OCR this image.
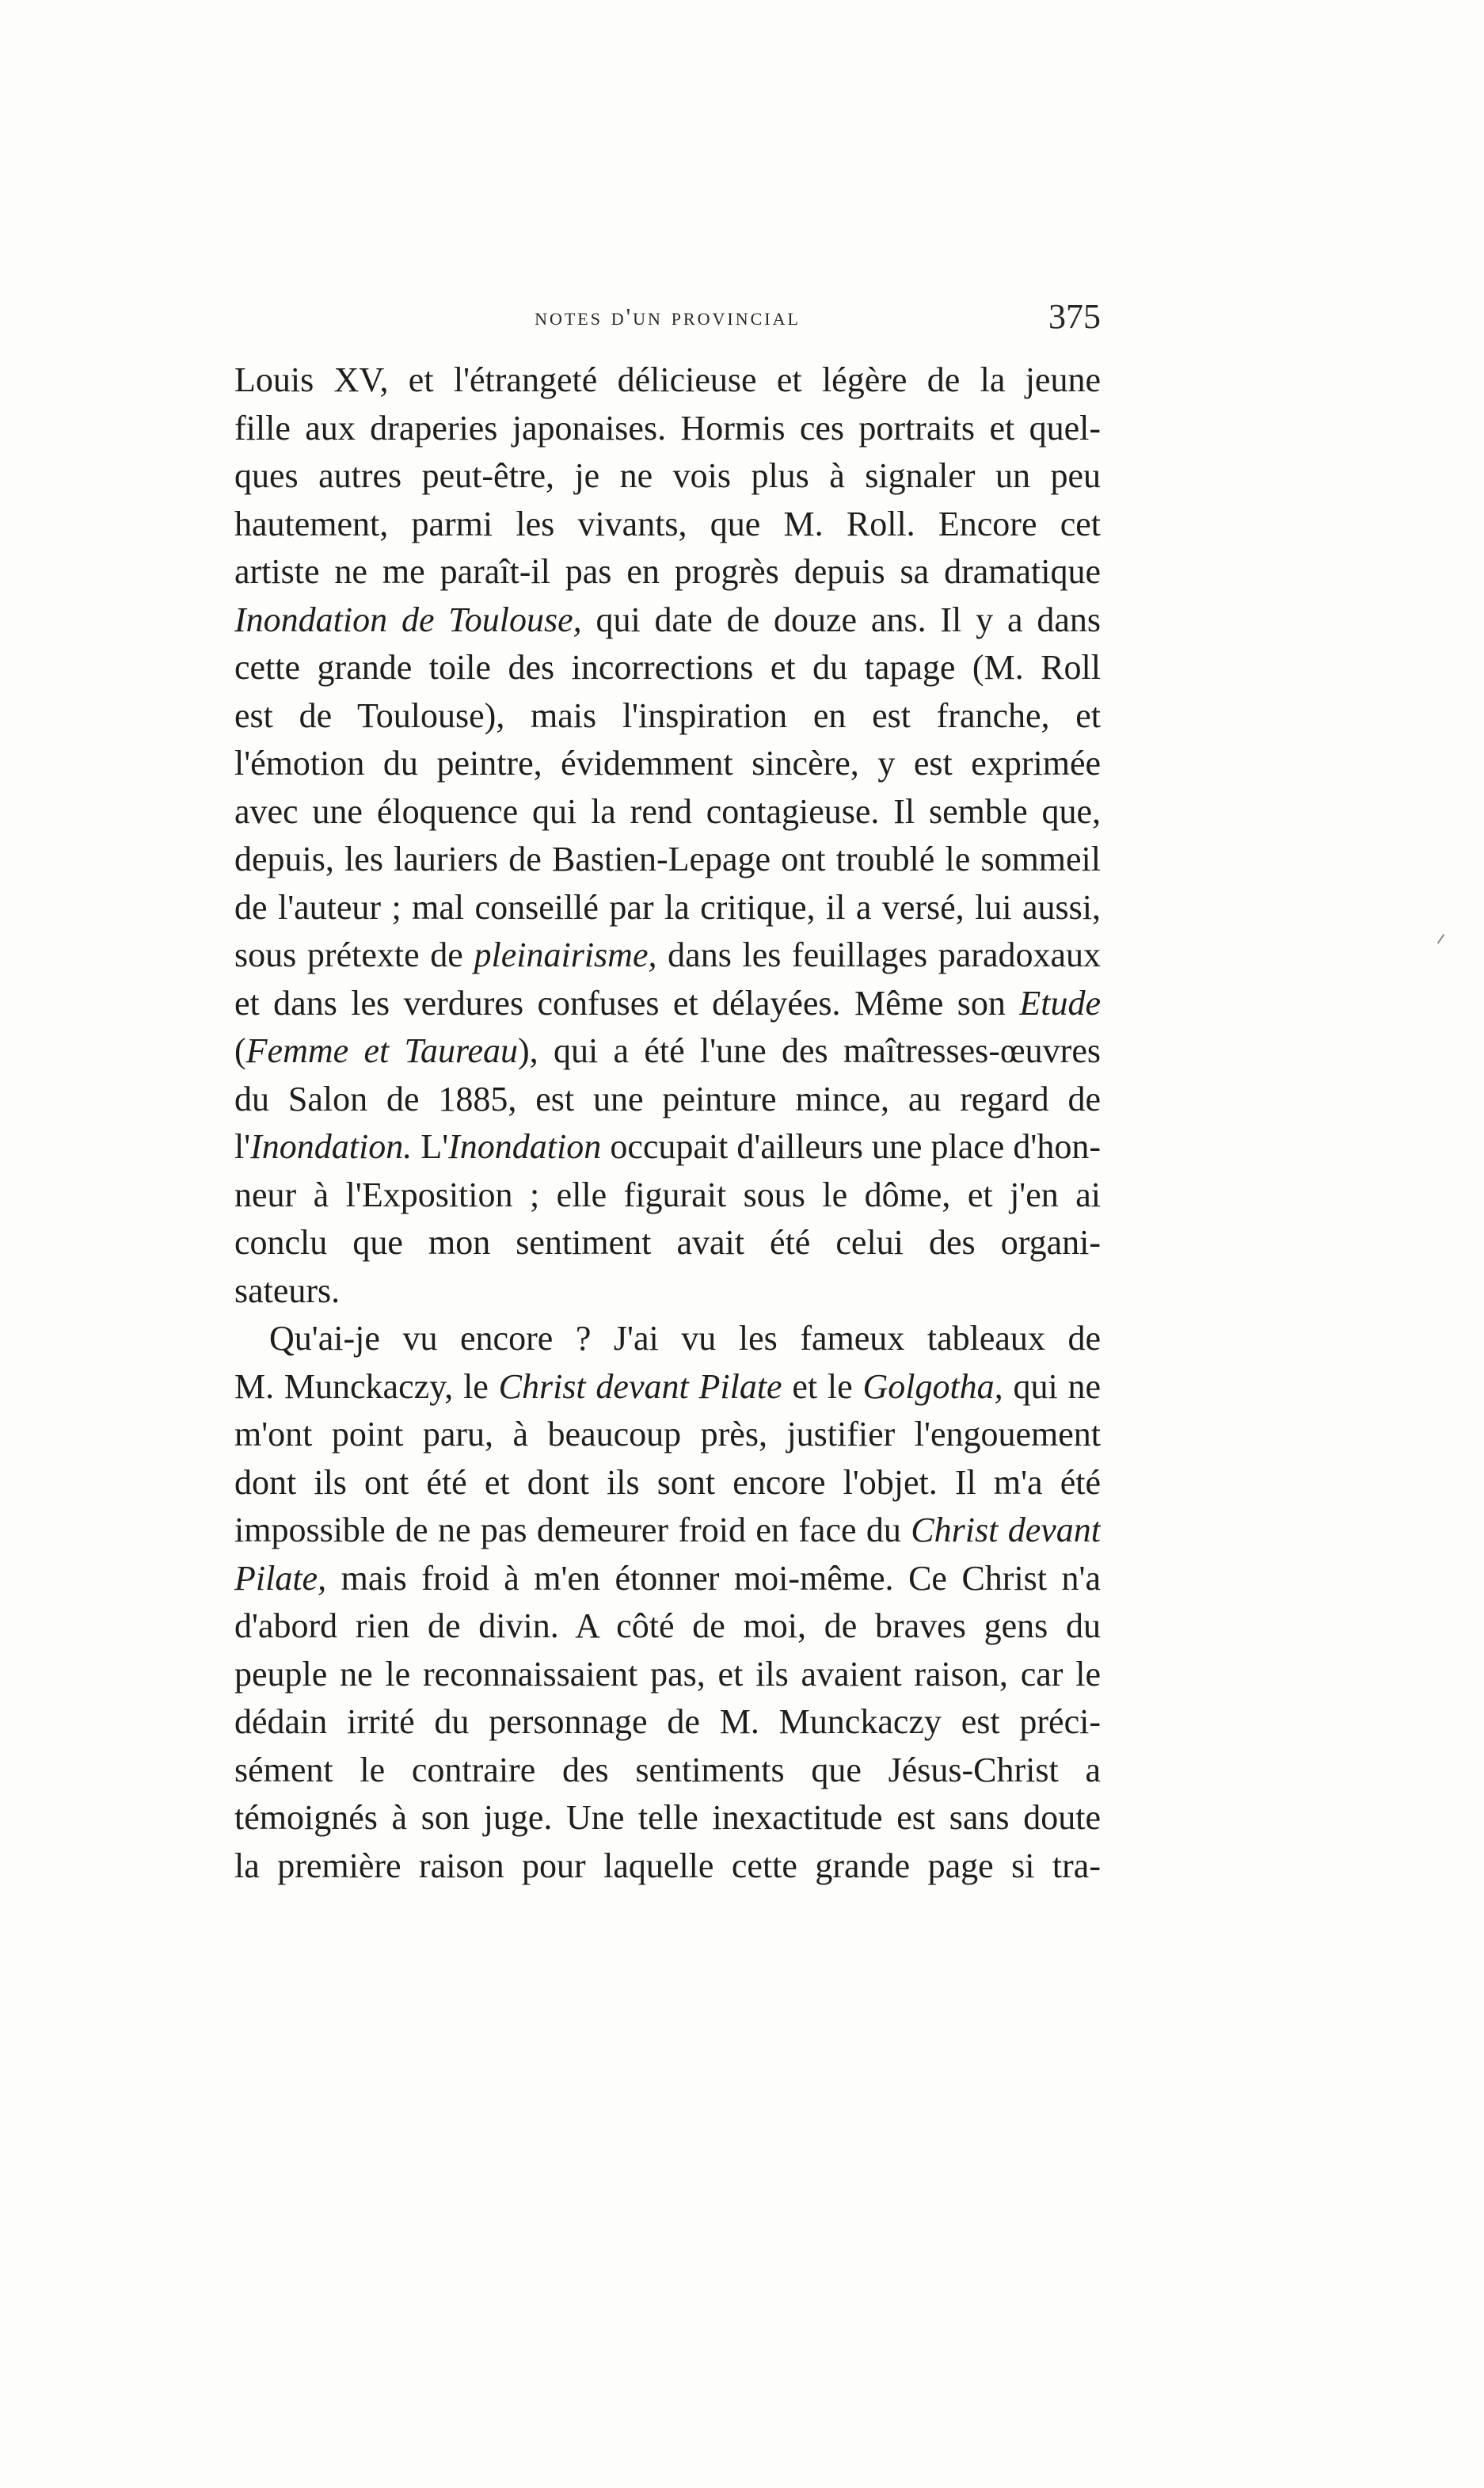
notes d'un provincial	375
Louis XV, et l'étrangeté délicieuse et légère de la jeune
fille aux draperies japonaises. Hormis ces portraits et quel-
ques autres peut-être, je ne vois plus à signaler un peu
hautement, parmi les vivants, que M. Roll. Encore cet
artiste ne me paraît-il pas en progrès depuis sa dramatique
Inondation de Toulouse, qui date de douze ans. Il y a dans
cette grande toile des incorrections et du tapage (M. Roll
est de Toulouse), mais l'inspiration en est franche, et
l'émotion du peintre, évidemment sincère, y est exprimée
avec une éloquence qui la rend contagieuse. Il semble que,
depuis, les lauriers de Bastien-Lepage ont troublé le sommeil
de l'auteur ; mal conseillé par la critique, il a versé, lui aussi,
sous prétexte de pleinairisme, dans les feuillages paradoxaux
et dans les verdures confuses et délayées. Même son Etude
(Femme et Taureau), qui a été l'une des maîtresses-œuvres
du Salon de 1885, est une peinture mince, au regard de
l'Inondation. L'Inondation occupait d'ailleurs une place d'hon-
neur à l'Exposition ; elle figurait sous le dôme, et j'en ai
conclu que mon sentiment avait été celui des organi-
sateurs.
Qu'ai-je vu encore ? J'ai vu les fameux tableaux de
M. Munckaczy, le Christ devant Pilate et le Golgotha, qui ne
m'ont point paru, à beaucoup près, justifier l'engouement
dont ils ont été et dont ils sont encore l'objet. Il m'a été
impossible de ne pas demeurer froid en face du Christ devant
Pilate, mais froid à m'en étonner moi-même. Ce Christ n'a
d'abord rien de divin. A côté de moi, de braves gens du
peuple ne le reconnaissaient pas, et ils avaient raison, car le
dédain irrité du personnage de M. Munckaczy est préci-
sément le contraire des sentiments que Jésus-Christ a
témoignés à son juge. Une telle inexactitude est sans doute
la première raison pour laquelle cette grande page si tra-
